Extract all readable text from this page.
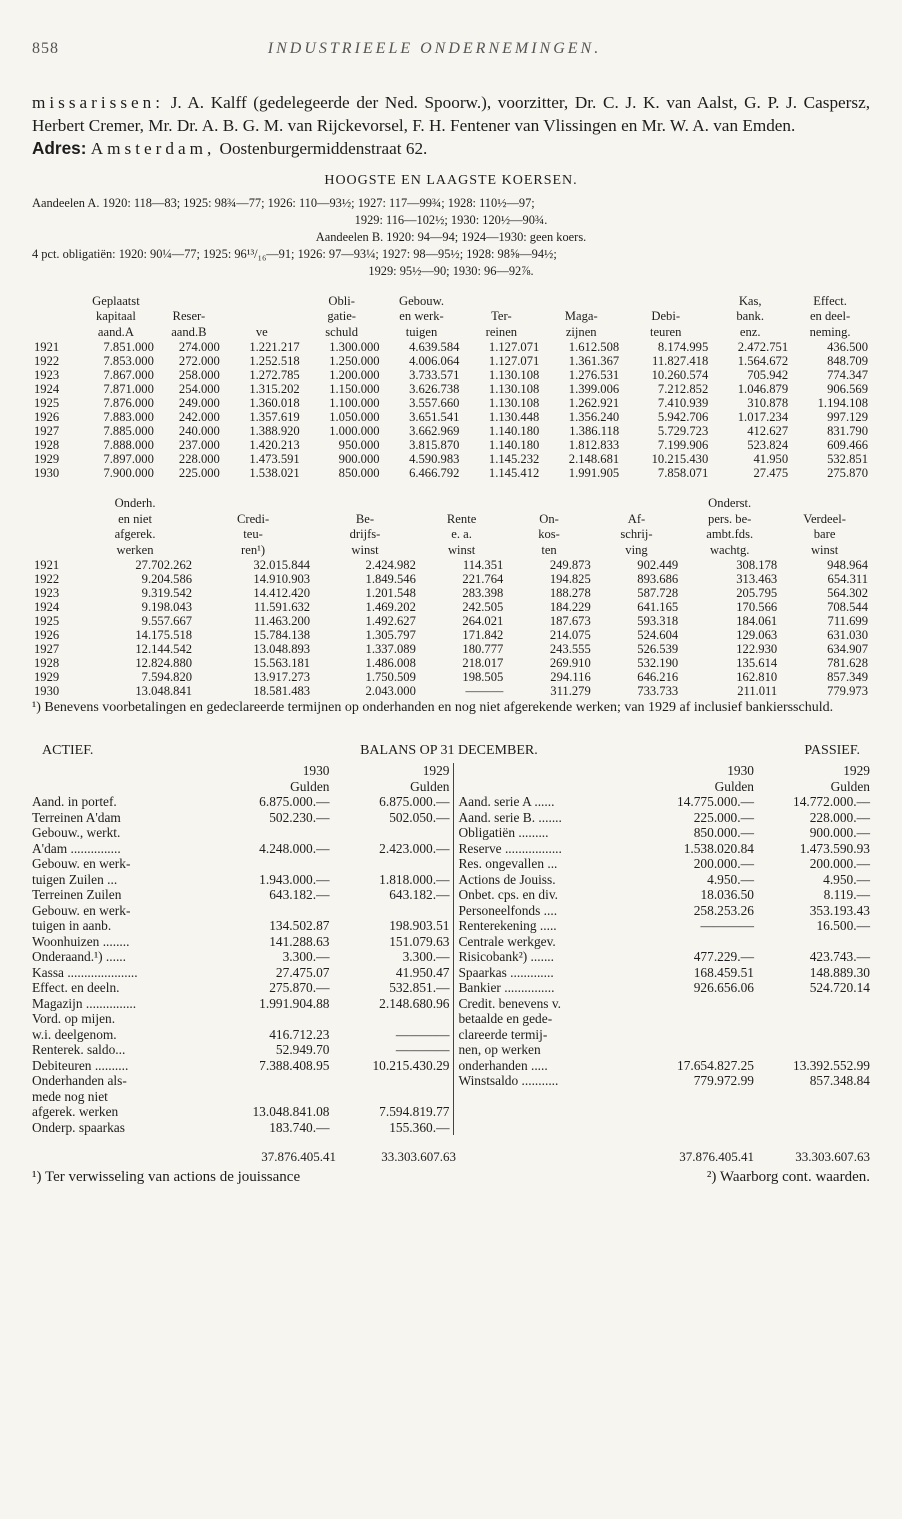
858	INDUSTRIEELE ONDERNEMINGEN.

missarissen: J. A. Kalff (gedelegeerde der Ned. Spoorw.), voorzitter, Dr. C. J. K. van Aalst, G. P. J. Caspersz, Herbert Cremer, Mr. Dr. A. B. G. M. van Rijckevorsel, F. H. Fentener van Vlissingen en Mr. W. A. van Emden.

Adres: Amsterdam, Oostenburgermiddenstraat 62.

HOOGSTE EN LAAGSTE KOERSEN.

Aandeelen A. 1920: 118—83; 1925: 98¾—77; 1926: 110—93½; 1927: 117—99¾; 1928: 110½—97;

1929: 116—102½; 1930: 120½—90¾.

Aandeelen B. 1920: 94—94; 1924—1930: geen koers.

4 pct. obligatiën: 1920: 90¼—77; 1925: 96¹³/₁₆—91; 1926: 97—93¼; 1927: 98—95½; 1928: 98⅝—94½;

1929: 95½—90; 1930: 96—92⅞.

	Geplaatst			Obli-	Gebouw.				Kas,	Effect.
	kapitaal	Reser-		gatie-	en werk-	Ter-	Maga-	Debi-	bank.	en deel-
	aand.A	aand.B	ve	schuld	tuigen	reinen	zijnen	teuren	enz.	neming.
1921	7.851.000	274.000	1.221.217	1.300.000	4.639.584	1.127.071	1.612.508	8.174.995	2.472.751	436.500
1922	7.853.000	272.000	1.252.518	1.250.000	4.006.064	1.127.071	1.361.367	11.827.418	1.564.672	848.709
1923	7.867.000	258.000	1.272.785	1.200.000	3.733.571	1.130.108	1.276.531	10.260.574	705.942	774.347
1924	7.871.000	254.000	1.315.202	1.150.000	3.626.738	1.130.108	1.399.006	7.212.852	1.046.879	906.569
1925	7.876.000	249.000	1.360.018	1.100.000	3.557.660	1.130.108	1.262.921	7.410.939	310.878	1.194.108
1926	7.883.000	242.000	1.357.619	1.050.000	3.651.541	1.130.448	1.356.240	5.942.706	1.017.234	997.129
1927	7.885.000	240.000	1.388.920	1.000.000	3.662.969	1.140.180	1.386.118	5.729.723	412.627	831.790
1928	7.888.000	237.000	1.420.213	950.000	3.815.870	1.140.180	1.812.833	7.199.906	523.824	609.466
1929	7.897.000	228.000	1.473.591	900.000	4.590.983	1.145.232	2.148.681	10.215.430	41.950	532.851
1930	7.900.000	225.000	1.538.021	850.000	6.466.792	1.145.412	1.991.905	7.858.071	27.475	275.870
	Onderh.						Onderst.	
	en niet	Credi-	Be-	Rente	On-	Af-	pers. be-	Verdeel-
	afgerek.	teu-	drijfs-	e. a.	kos-	schrij-	ambt.fds.	bare
	werken	ren¹)	winst	winst	ten	ving	wachtg.	winst
1921	27.702.262	32.015.844	2.424.982	114.351	249.873	902.449	308.178	948.964
1922	9.204.586	14.910.903	1.849.546	221.764	194.825	893.686	313.463	654.311
1923	9.319.542	14.412.420	1.201.548	283.398	188.278	587.728	205.795	564.302
1924	9.198.043	11.591.632	1.469.202	242.505	184.229	641.165	170.566	708.544
1925	9.557.667	11.463.200	1.492.627	264.021	187.673	593.318	184.061	711.699
1926	14.175.518	15.784.138	1.305.797	171.842	214.075	524.604	129.063	631.030
1927	12.144.542	13.048.893	1.337.089	180.777	243.555	526.539	122.930	634.907
1928	12.824.880	15.563.181	1.486.008	218.017	269.910	532.190	135.614	781.628
1929	7.594.820	13.917.273	1.750.509	198.505	294.116	646.216	162.810	857.349
1930	13.048.841	18.581.483	2.043.000	———	311.279	733.733	211.011	779.973

¹) Benevens voorbetalingen en gedeclareerde termijnen op onderhanden en nog niet afgerekende werken; van 1929 af inclusief bankiersschuld.

ACTIEF.	BALANS OP 31 DECEMBER.	PASSIEF.
1930	1929
Gulden	Gulden
Aand. in portef.	6.875.000.—	6.875.000.—
Terreinen A'dam	502.230.—	502.050.—
Gebouw., werkt.
A'dam ...............	4.248.000.—	2.423.000.—
Gebouw. en werk-
tuigen Zuilen ...	1.943.000.—	1.818.000.—
Terreinen Zuilen	643.182.—	643.182.—
Gebouw. en werk-
tuigen in aanb.	134.502.87	198.903.51
Woonhuizen ........	141.288.63	151.079.63
Onderaand.¹) ......	3.300.—	3.300.—
Kassa .....................	27.475.07	41.950.47
Effect. en deeln.	275.870.—	532.851.—
Magazijn ...............	1.991.904.88	2.148.680.96
Vord. op mijen.
w.i. deelgenom.	416.712.23	————
Renterek. saldo...	52.949.70	————
Debiteuren ..........	7.388.408.95	10.215.430.29
Onderhanden als-
mede nog niet
afgerek. werken	13.048.841.08	7.594.819.77
Onderp. spaarkas	183.740.—	155.360.—
1930	1929
Gulden	Gulden
Aand. serie A ......	14.775.000.—	14.772.000.—
Aand. serie B. .......	225.000.—	228.000.—
Obligatiën .........	850.000.—	900.000.—
Reserve .................	1.538.020.84	1.473.590.93
Res. ongevallen ...	200.000.—	200.000.—
Actions de Jouiss.	4.950.—	4.950.—
Onbet. cps. en div.	18.036.50	8.119.—
Personeelfonds ....	258.253.26	353.193.43
Renterekening .....	————	16.500.—
Centrale werkgev.
Risicobank²) .......	477.229.—	423.743.—
Spaarkas .............	168.459.51	148.889.30
Bankier ...............	926.656.06	524.720.14
Credit. benevens v.
betaalde en gede-
clareerde termij-
nen, op werken
onderhanden .....	17.654.827.25	13.392.552.99
Winstsaldo ...........	779.972.99	857.348.84
37.876.405.41	33.303.607.63	37.876.405.41	33.303.607.63
¹) Ter verwisseling van actions de jouissance	²) Waarborg cont. waarden.
